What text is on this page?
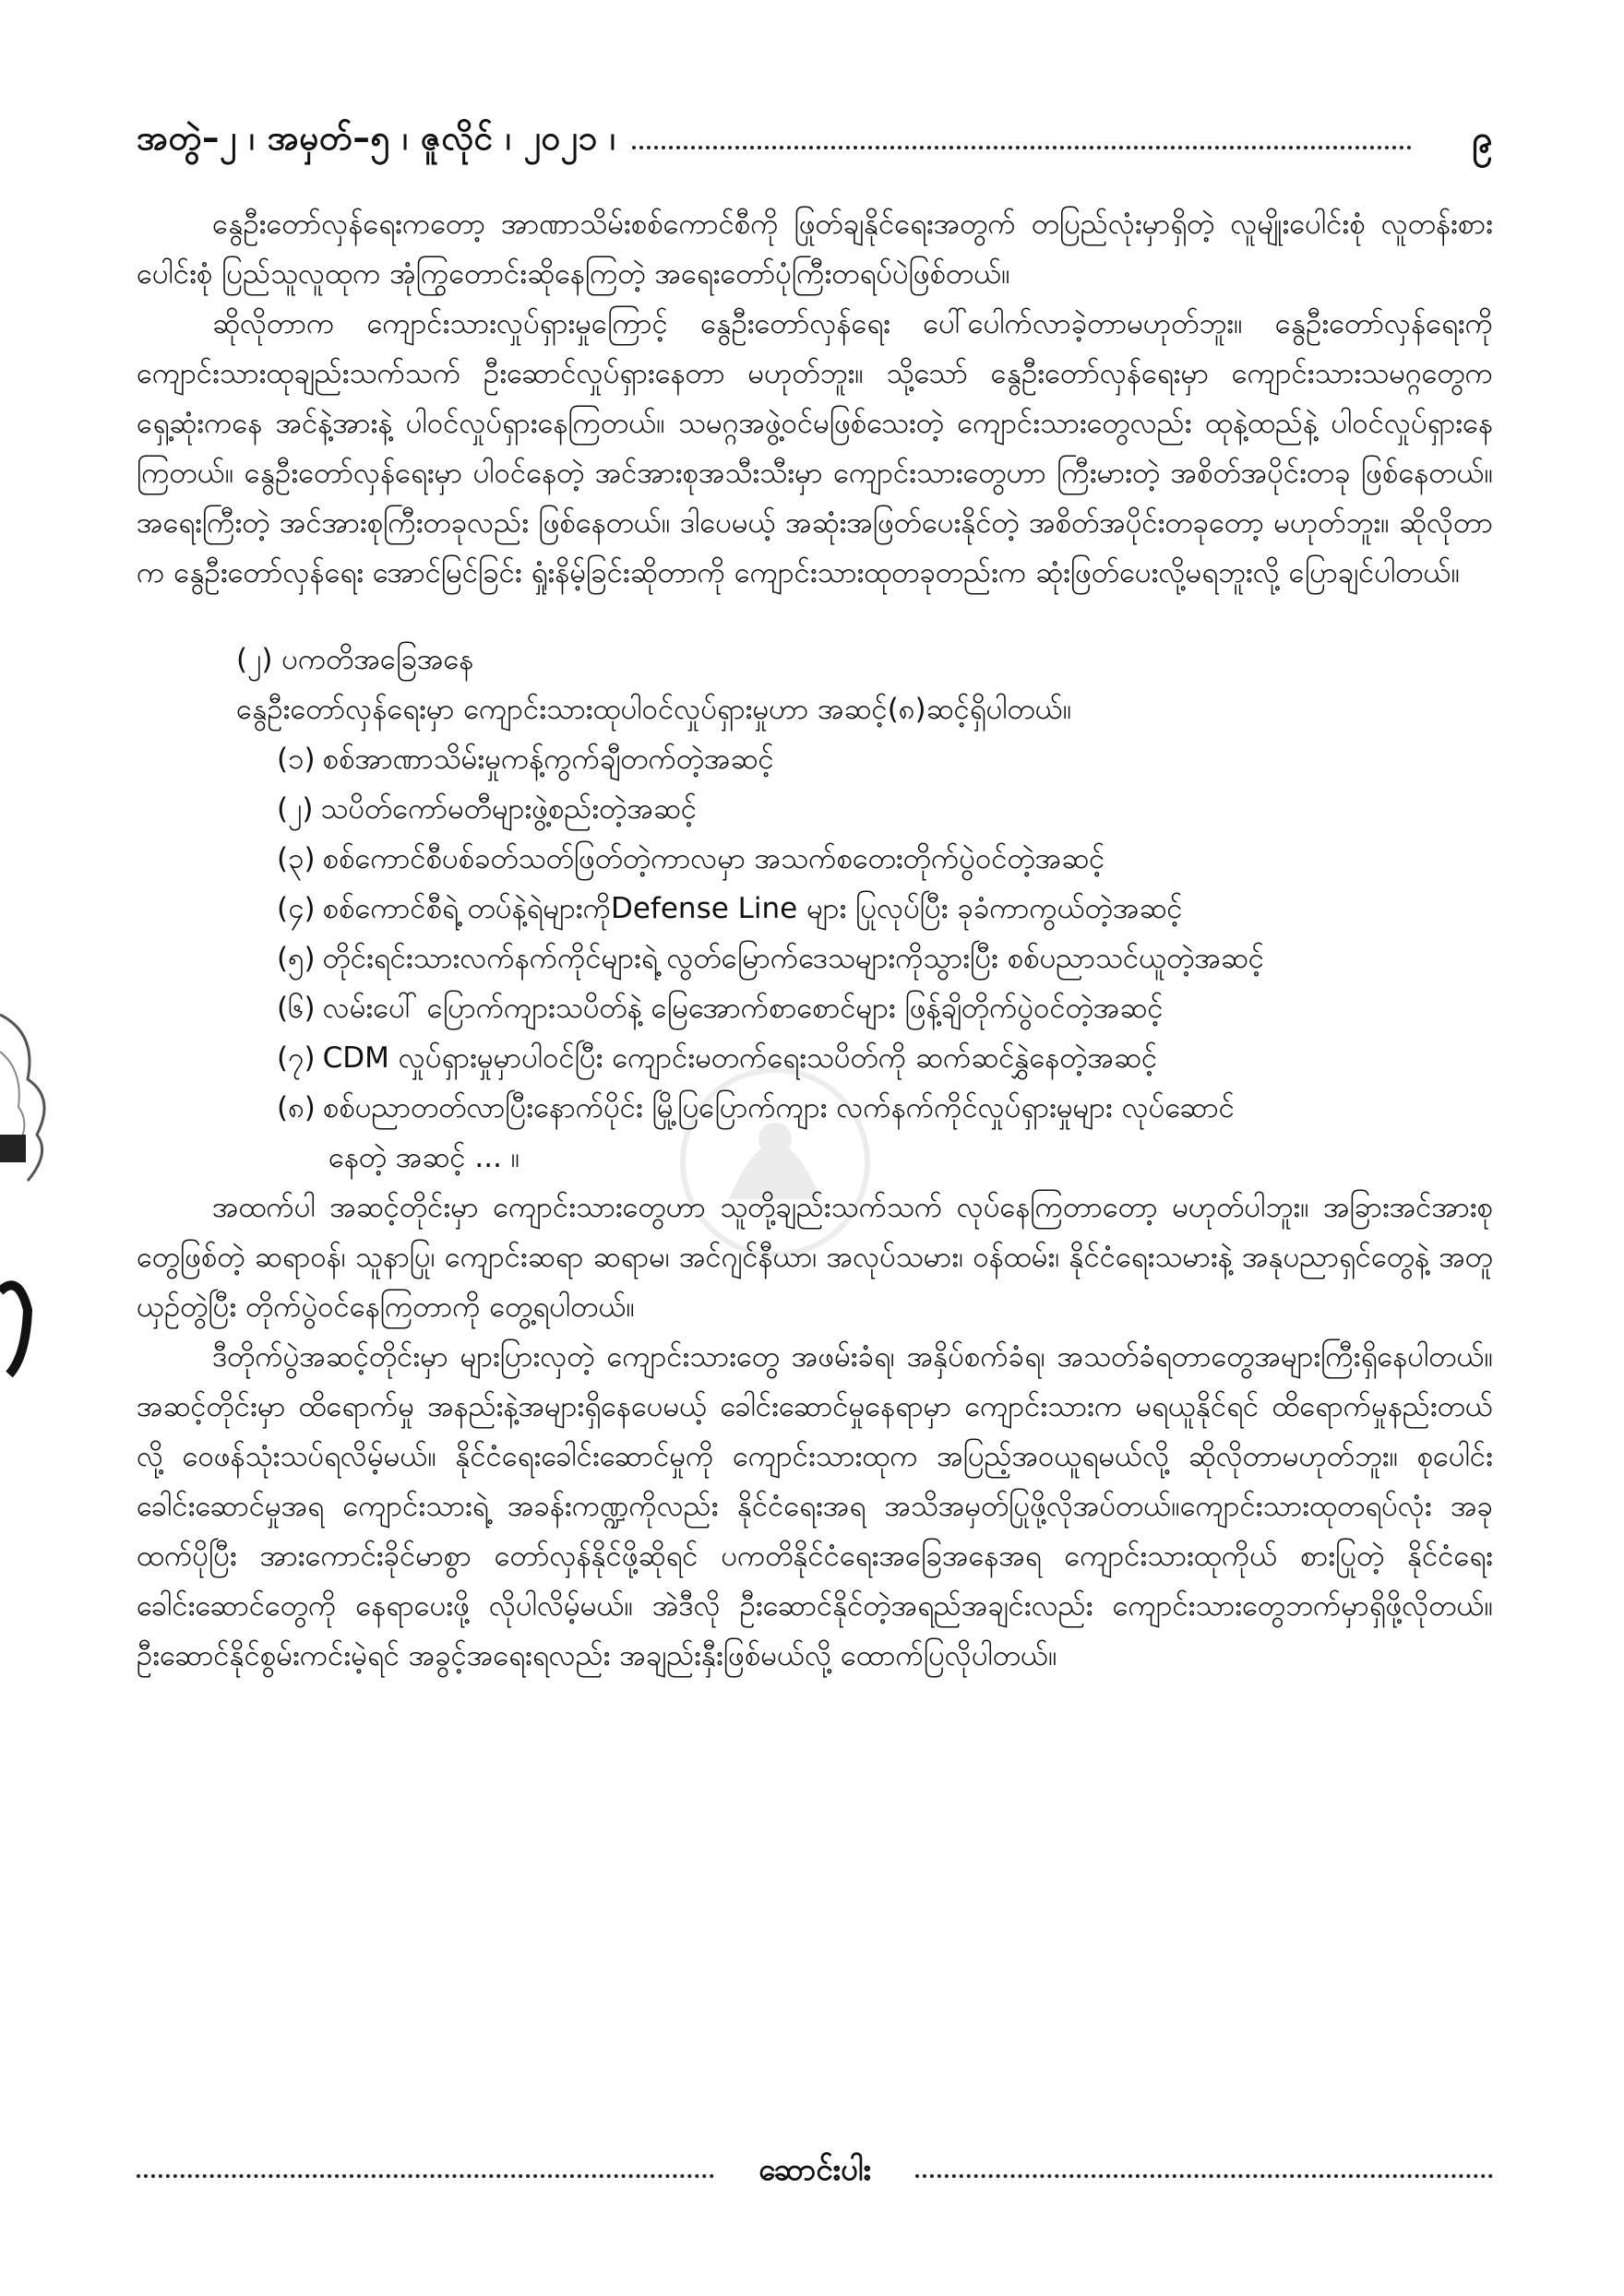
အတွဲ–၂ ၊ အမှတ်–၅ ၊ ဇူလိုင် ၊ ၂၀၂၁ ၊	၉

နွေဦးတော်လှန်ရေးကတော့ အာဏာသိမ်းစစ်ကောင်စီကို ဖြုတ်ချနိုင်ရေးအတွက် တပြည်လုံးမှာရှိတဲ့ လူမျိုးပေါင်းစုံ လူတန်းစားပေါင်းစုံ ပြည်သူလူထုက အုံကြွတောင်းဆိုနေကြတဲ့ အရေးတော်ပုံကြီးတရပ်ပဲဖြစ်တယ်။

ဆိုလိုတာက ကျောင်းသားလှုပ်ရှားမှုကြောင့် နွေဦးတော်လှန်ရေး ပေါ်ပေါက်လာခဲ့တာမဟုတ်ဘူး။ နွေဦးတော်လှန်ရေးကို ကျောင်းသားထုချည်းသက်သက် ဦးဆောင်လှုပ်ရှားနေတာ မဟုတ်ဘူး။ သို့သော် နွေဦးတော်လှန်ရေးမှာ ကျောင်းသားသမဂ္ဂတွေက ရှေ့ဆုံးကနေ အင်နဲ့အားနဲ့ ပါဝင်လှုပ်ရှားနေကြတယ်။ သမဂ္ဂအဖွဲ့ဝင်မဖြစ်သေးတဲ့ ကျောင်းသားတွေလည်း ထုနဲ့ထည်နဲ့ ပါဝင်လှုပ်ရှားနေကြတယ်။ နွေဦးတော်လှန်ရေးမှာ ပါဝင်နေတဲ့ အင်အားစုအသီးသီးမှာ ကျောင်းသားတွေဟာ ကြီးမားတဲ့ အစိတ်အပိုင်းတခု ဖြစ်နေတယ်။ အရေးကြီးတဲ့ အင်အားစုကြီးတခုလည်း ဖြစ်နေတယ်။ ဒါပေမယ့် အဆုံးအဖြတ်ပေးနိုင်တဲ့ အစိတ်အပိုင်းတခုတော့ မဟုတ်ဘူး။ ဆိုလိုတာက နွေဦးတော်လှန်ရေး အောင်မြင်ခြင်း ရှုံးနိမ့်ခြင်းဆိုတာကို ကျောင်းသားထုတခုတည်းက ဆုံးဖြတ်ပေးလို့မရဘူးလို့ ပြောချင်ပါတယ်။

(၂) ပကတိအခြေအနေ

နွေဦးတော်လှန်ရေးမှာ ကျောင်းသားထုပါဝင်လှုပ်ရှားမှုဟာ အဆင့်(၈)ဆင့်ရှိပါတယ်။

(၁) စစ်အာဏာသိမ်းမှုကန့်ကွက်ချီတက်တဲ့အဆင့်
(၂) သပိတ်ကော်မတီများဖွဲ့စည်းတဲ့အဆင့်
(၃) စစ်ကောင်စီပစ်ခတ်သတ်ဖြတ်တဲ့ကာလမှာ အသက်စတေးတိုက်ပွဲဝင်တဲ့အဆင့်
(၄) စစ်ကောင်စီရဲ့ တပ်နဲ့ရဲများကိုDefense Line များ ပြုလုပ်ပြီး ခုခံကာကွယ်တဲ့အဆင့်
(၅) တိုင်းရင်းသားလက်နက်ကိုင်များရဲ့ လွတ်မြောက်ဒေသများကိုသွားပြီး စစ်ပညာသင်ယူတဲ့အဆင့်
(၆) လမ်းပေါ် ပြောက်ကျားသပိတ်နဲ့ မြေအောက်စာစောင်များ ဖြန့်ချိတိုက်ပွဲဝင်တဲ့အဆင့်
(၇) CDM လှုပ်ရှားမှုမှာပါဝင်ပြီး ကျောင်းမတက်ရေးသပိတ်ကို ဆက်ဆင်နွှဲနေတဲ့အဆင့်
(၈) စစ်ပညာတတ်လာပြီးနောက်ပိုင်း မြို့ပြပြောက်ကျား လက်နက်ကိုင်လှုပ်ရှားမှုများ လုပ်ဆောင်
နေတဲ့ အဆင့် ... ။

အထက်ပါ အဆင့်တိုင်းမှာ ကျောင်းသားတွေဟာ သူတို့ချည်းသက်သက် လုပ်နေကြတာတော့ မဟုတ်ပါဘူး။ အခြားအင်အားစုတွေဖြစ်တဲ့ ဆရာဝန်၊ သူနာပြု၊ ကျောင်းဆရာ ဆရာမ၊ အင်ဂျင်နီယာ၊ အလုပ်သမား၊ ဝန်ထမ်း၊ နိုင်ငံရေးသမားနဲ့ အနုပညာရှင်တွေနဲ့ အတူယှဉ်တွဲပြီး တိုက်ပွဲဝင်နေကြတာကို တွေ့ရပါတယ်။

ဒီတိုက်ပွဲအဆင့်တိုင်းမှာ များပြားလှတဲ့ ကျောင်းသားတွေ အဖမ်းခံရ၊ အနှိပ်စက်ခံရ၊ အသတ်ခံရတာတွေအများကြီးရှိနေပါတယ်။ အဆင့်တိုင်းမှာ ထိရောက်မှု အနည်းနဲ့အများရှိနေပေမယ့် ခေါင်းဆောင်မှုနေရာမှာ ကျောင်းသားက မရယူနိုင်ရင် ထိရောက်မှုနည်းတယ်လို့ ဝေဖန်သုံးသပ်ရလိမ့်မယ်။ နိုင်ငံရေးခေါင်းဆောင်မှုကို ကျောင်းသားထုက အပြည့်အဝယူရမယ်လို့ ဆိုလိုတာမဟုတ်ဘူး။ စုပေါင်းခေါင်းဆောင်မှုအရ ကျောင်းသားရဲ့ အခန်းကဏ္ဍကိုလည်း နိုင်ငံရေးအရ အသိအမှတ်ပြုဖို့လိုအပ်တယ်။ကျောင်းသားထုတရပ်လုံး အခု ထက်ပိုပြီး အားကောင်းခိုင်မာစွာ တော်လှန်နိုင်ဖို့ဆိုရင် ပကတိနိုင်ငံရေးအခြေအနေအရ ကျောင်းသားထုကိုယ် စားပြုတဲ့ နိုင်ငံရေးခေါင်းဆောင်တွေကို နေရာပေးဖို့ လိုပါလိမ့်မယ်။ အဲဒီလို ဦးဆောင်နိုင်တဲ့အရည်အချင်းလည်း ကျောင်းသားတွေဘက်မှာရှိဖို့လိုတယ်။ ဦးဆောင်နိုင်စွမ်းကင်းမဲ့ရင် အခွင့်အရေးရလည်း အချည်းနှီးဖြစ်မယ်လို့ ထောက်ပြလိုပါတယ်။

ဆောင်းပါး
